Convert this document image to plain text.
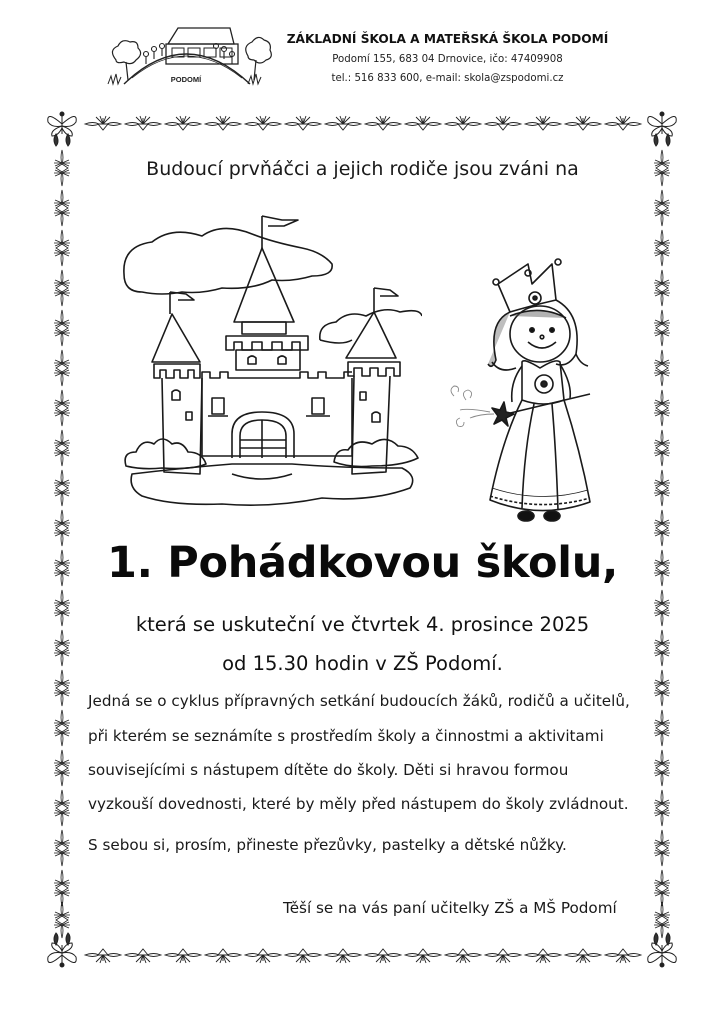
PODOMÍ
ZÁKLADNÍ ŠKOLA A MATEŘSKÁ ŠKOLA PODOMÍ
Podomí 155, 683 04 Drnovice, ičo: 47409908
tel.: 516 833 600, e-mail: skola@zspodomi.cz
Budoucí prvňáčci a jejich rodiče jsou zváni na
1. Pohádkovou školu,
která se uskuteční ve čtvrtek 4. prosince 2025
od 15.30 hodin v ZŠ Podomí.
Jedná se o cyklus přípravných setkání budoucích žáků, rodičů a učitelů,
při kterém se seznámíte s prostředím školy a činnostmi a aktivitami
souvisejícími s nástupem dítěte do školy. Děti si hravou formou
vyzkouší dovednosti, které by měly před nástupem do školy zvládnout.
S sebou si, prosím, přineste přezůvky, pastelky a dětské nůžky.
Těší se na vás paní učitelky ZŠ a MŠ Podomí
